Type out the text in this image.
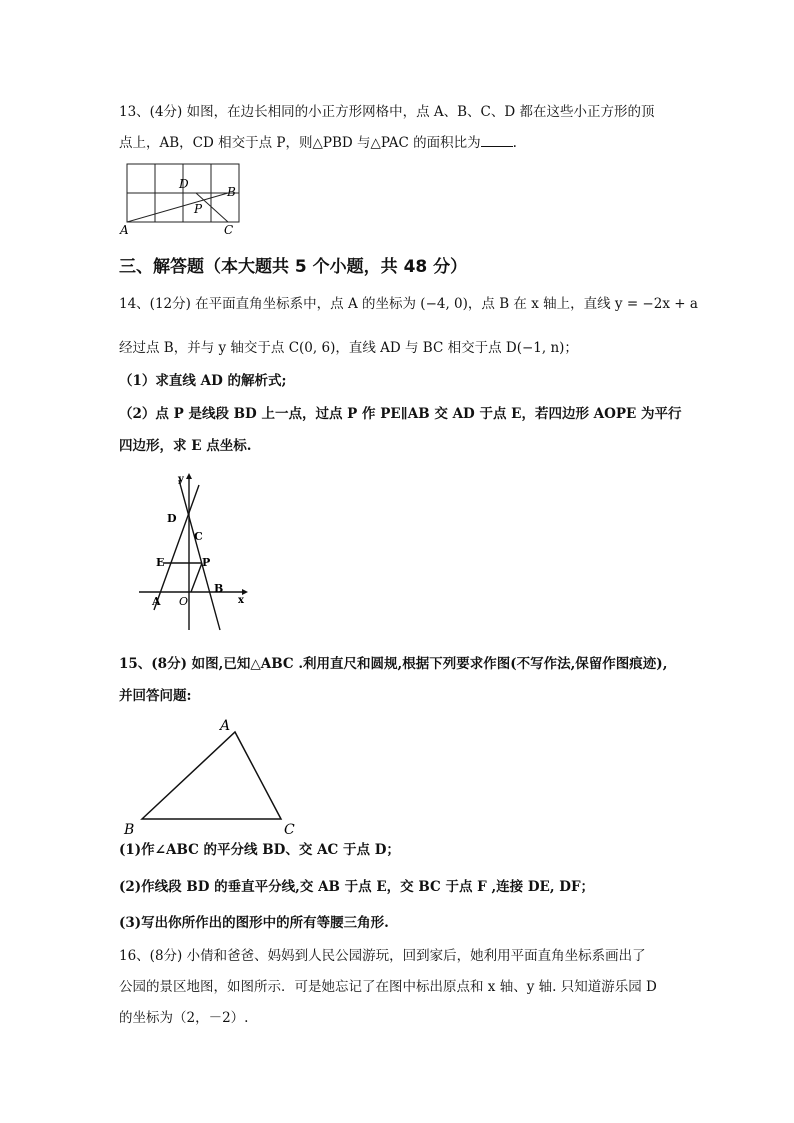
13、(4分) 如图，在边长相同的小正方形网格中，点 A、B、C、D 都在这些小正方形的顶
点上，AB，CD 相交于点 P，则△PBD 与△PAC 的面积比为 .
D
B
P
A	C
三、解答题（本大题共 5 个小题，共 48 分）
14、(12分) 在平面直角坐标系中，点 A 的坐标为 (−4, 0)，点 B 在 x 轴上，直线 y = −2x + a
经过点 B，并与 y 轴交于点 C(0, 6)，直线 AD 与 BC 相交于点 D(−1, n)；
（1）求直线 AD 的解析式;
（2）点 P 是线段 BD 上一点，过点 P 作 PE∥AB 交 AD 于点 E，若四边形 AOPE 为平行
四边形，求 E 点坐标.
y
x
D
C
E	P
A O
B
15、(8分) 如图,已知△ABC .利用直尺和圆规,根据下列要求作图(不写作法,保留作图痕迹),
并回答问题:
A
B	C
(1)作∠ABC 的平分线 BD、交 AC 于点 D；
(2)作线段 BD 的垂直平分线,交 AB 于点 E，交 BC 于点 F ,连接 DE, DF；
(3)写出你所作出的图形中的所有等腰三角形.
16、(8分) 小倩和爸爸、妈妈到人民公园游玩，回到家后，她利用平面直角坐标系画出了
公园的景区地图，如图所示．可是她忘记了在图中标出原点和 x 轴、y 轴. 只知道游乐园 D
的坐标为（2，－2）.
